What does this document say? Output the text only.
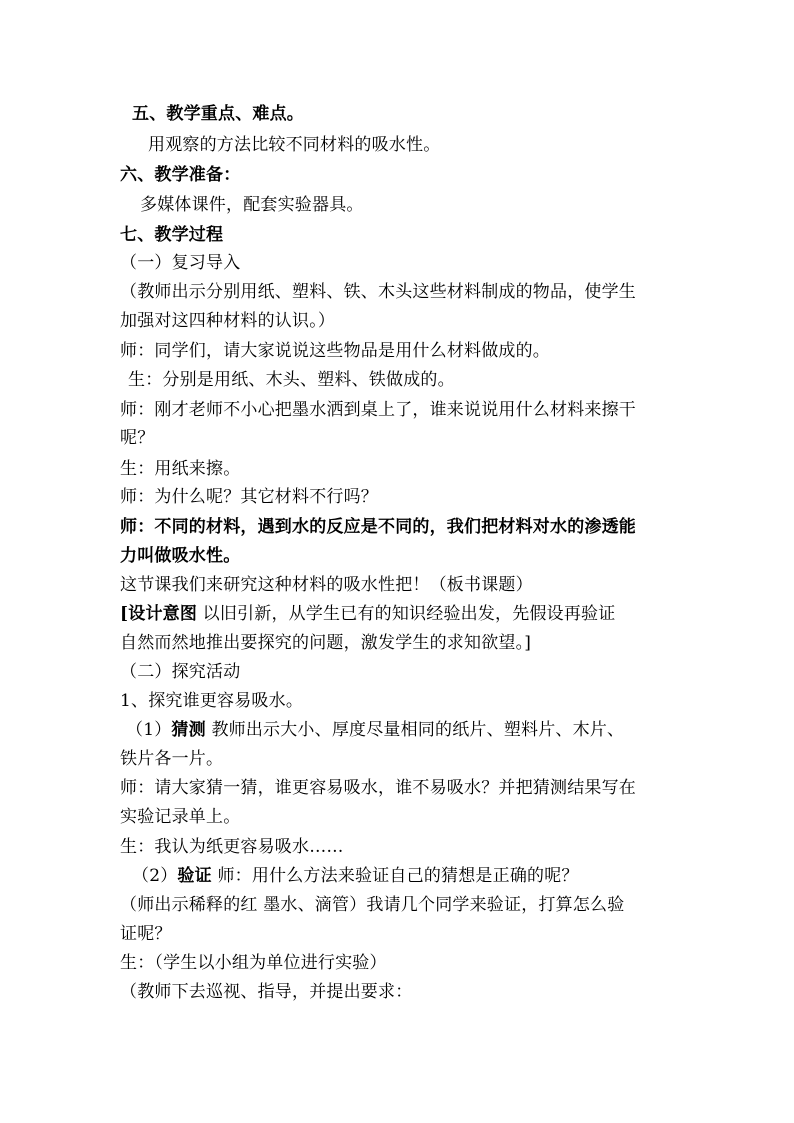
五、教学重点、难点。
用观察的方法比较不同材料的吸水性。
六、教学准备：
多媒体课件，配套实验器具。
七、教学过程
（一）复习导入
（教师出示分别用纸、塑料、铁、木头这些材料制成的物品，使学生
加强对这四种材料的认识。）
师：同学们，请大家说说这些物品是用什么材料做成的。
生：分别是用纸、木头、塑料、铁做成的。
师：刚才老师不小心把墨水洒到桌上了，谁来说说用什么材料来擦干
呢？
生：用纸来擦。
师：为什么呢？其它材料不行吗？
师：不同的材料，遇到水的反应是不同的，我们把材料对水的渗透能
力叫做吸水性。
这节课我们来研究这种材料的吸水性把！（板书课题）
[设计意图 以旧引新，从学生已有的知识经验出发，先假设再验证
自然而然地推出要探究的问题，激发学生的求知欲望。]
（二）探究活动
1、探究谁更容易吸水。
（1）猜测 教师出示大小、厚度尽量相同的纸片、塑料片、木片、
铁片各一片。
师：请大家猜一猜，谁更容易吸水，谁不易吸水？并把猜测结果写在
实验记录单上。
生：我认为纸更容易吸水……
（2）验证 师：用什么方法来验证自己的猜想是正确的呢？
（师出示稀释的红 墨水、滴管）我请几个同学来验证，打算怎么验
证呢？
生：（学生以小组为单位进行实验）
（教师下去巡视、指导，并提出要求：
